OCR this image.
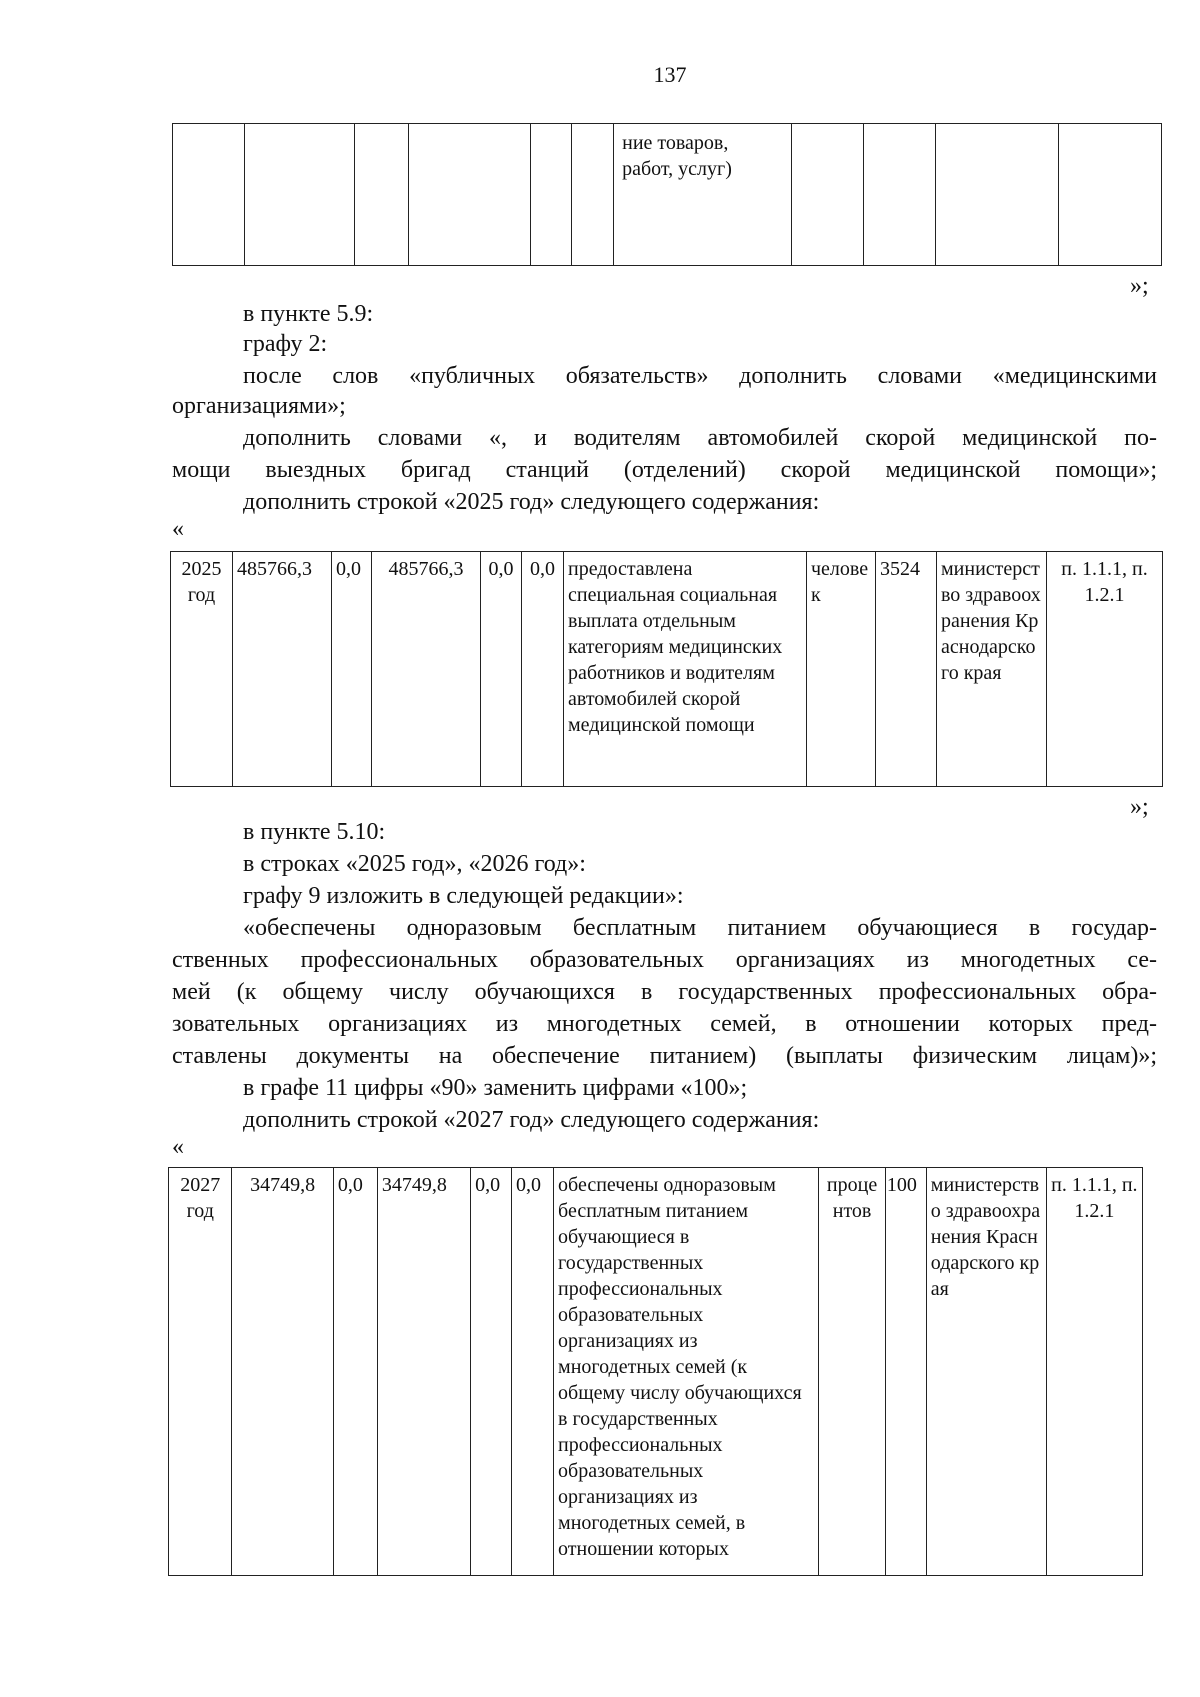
137

ние товаров,
работ, услуг)

»;
в пункте 5.9:
графу 2:
после слов «публичных обязательств» дополнить словами «медицинскими
организациями»;
дополнить словами «, и водителям автомобилей скорой медицинской по-
мощи выездных бригад станций (отделений) скорой медицинской помощи»;
дополнить строкой «2025 год» следующего содержания:
«
2025 год	485766,3	0,0	485766,3	0,0	0,0	предоставлена специальная социальная выплата отдельным категориям медицинских работников и водителям автомобилей скорой медицинской помощи	человек	3524	министерство здравоохранения Краснодарского края	п. 1.1.1, п. 1.2.1
»;
в пункте 5.10:
в строках «2025 год», «2026 год»:
графу 9 изложить в следующей редакции»:
«обеспечены одноразовым бесплатным питанием обучающиеся в государ-
ственных профессиональных образовательных организациях из многодетных се-
мей (к общему числу обучающихся в государственных профессиональных обра-
зовательных организациях из многодетных семей, в отношении которых пред-
ставлены документы на обеспечение питанием) (выплаты физическим лицам)»;
в графе 11 цифры «90» заменить цифрами «100»;
дополнить строкой «2027 год» следующего содержания:
«
2027 год	34749,8	0,0	34749,8	0,0	0,0	обеспечены одноразовым бесплатным питанием обучающиеся в государственных профессиональных образовательных организациях из многодетных семей (к общему числу обучающихся в государственных профессиональных образовательных организациях из многодетных семей, в отношении которых	процентов	100	министерство здравоохранения Краснодарского края	п. 1.1.1, п. 1.2.1
